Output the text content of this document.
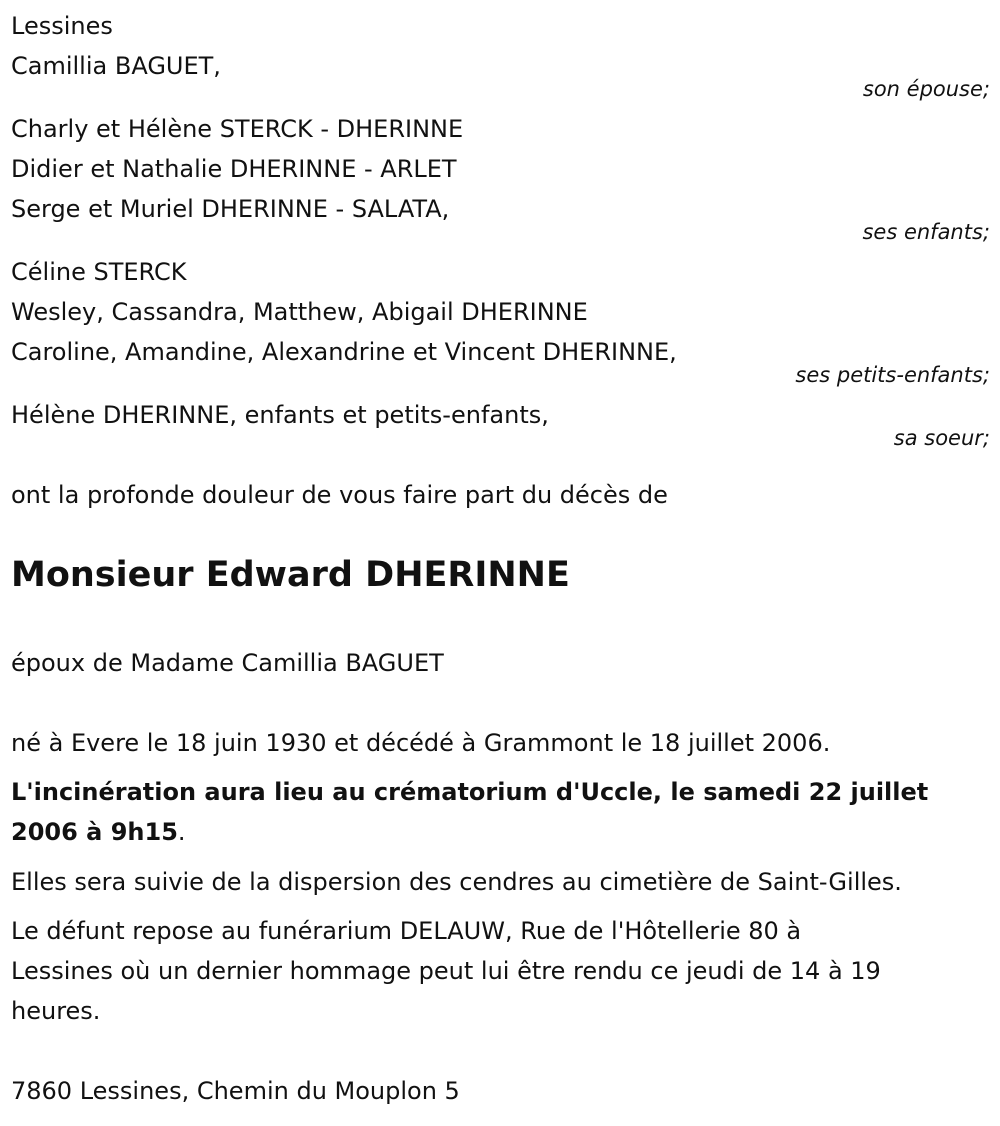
Lessines
Camillia BAGUET,
son épouse;
Charly et Hélène STERCK - DHERINNE
Didier et Nathalie DHERINNE - ARLET
Serge et Muriel DHERINNE - SALATA,
ses enfants;
Céline STERCK
Wesley, Cassandra, Matthew, Abigail DHERINNE
Caroline, Amandine, Alexandrine et Vincent DHERINNE,
ses petits-enfants;
Hélène DHERINNE, enfants et petits-enfants,
sa soeur;
ont la profonde douleur de vous faire part du décès de
Monsieur Edward DHERINNE
époux de Madame Camillia BAGUET
né à Evere le 18 juin 1930 et décédé à Grammont le 18 juillet 2006.
L'incinération aura lieu au crématorium d'Uccle, le samedi 22 juillet
2006 à 9h15.
Elles sera suivie de la dispersion des cendres au cimetière de Saint-Gilles.
Le défunt repose au funérarium DELAUW, Rue de l'Hôtellerie 80 à
Lessines où un dernier hommage peut lui être rendu ce jeudi de 14 à 19
heures.
7860 Lessines, Chemin du Mouplon 5
